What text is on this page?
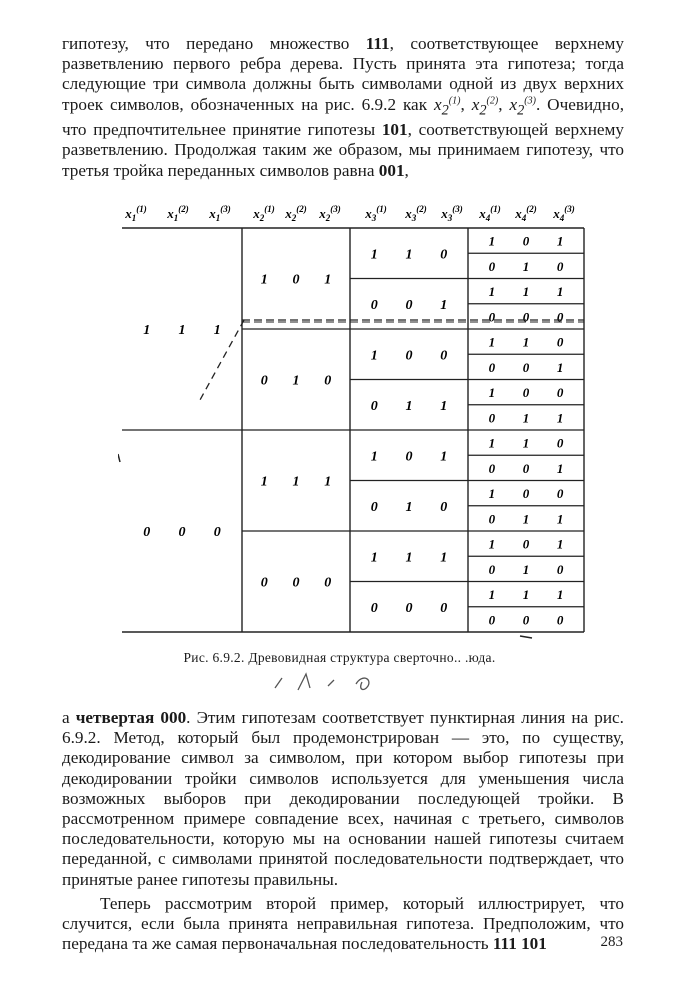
гипотезу, что передано множество 111, соответствующее верхнему разветвлению первого ребра дерева. Пусть принята эта гипотеза; тогда следующие три символа должны быть символами одной из двух верхних троек символов, обозначенных на рис. 6.9.2 как $x_2^{(1)}$, $x_2^{(2)}$, $x_2^{(3)}$. Очевидно, что предпочтительнее принятие гипотезы 101, соответствующей верхнему разветвлению. Продолжая таким же образом, мы принимаем гипотезу, что третья тройка переданных символов равна 001,

$x_1^{(1)}$ $x_1^{(2)}$ $x_1^{(3)}$ $x_2^{(1)}$ $x_2^{(2)}$ $x_2^{(3)}$ $x_3^{(1)}$ $x_3^{(2)}$ $x_3^{(3)}$ $x_4^{(1)}$ $x_4^{(2)}$ $x_4^{(3)}$
1 1 1
0 0 0
1 0 1
0 1 0
1 1 1
0 0 0
1 1 0
0 0 1
1 0 0
0 1 1
1 0 1
0 1 0
1 1 1
0 0 0
1 0 1
0 1 0
1 1 1
0 0 0
1 1 0
0 0 1
1 0 0
0 1 1
1 1 0
0 0 1
1 0 0
0 1 1
1 0 1
0 1 0
1 1 1
0 0 0
Рис. 6.9.2. Древовидная структура сверточно.. .юда.

а четвертая 000. Этим гипотезам соответствует пунктирная линия на рис. 6.9.2. Метод, который был продемонстрирован — это, по существу, декодирование символ за символом, при котором выбор гипотезы при декодировании тройки символов используется для уменьшения числа возможных выборов при декодировании последующей тройки. В рассмотренном примере совпадение всех, начиная с третьего, символов последовательности, которую мы на основании нашей гипотезы считаем переданной, с символами принятой последовательности подтверждает, что принятые ранее гипотезы правильны.

Теперь рассмотрим второй пример, который иллюстрирует, что случится, если была принята неправильная гипотеза. Предположим, что передана та же самая первоначальная последовательность 111 101	283
